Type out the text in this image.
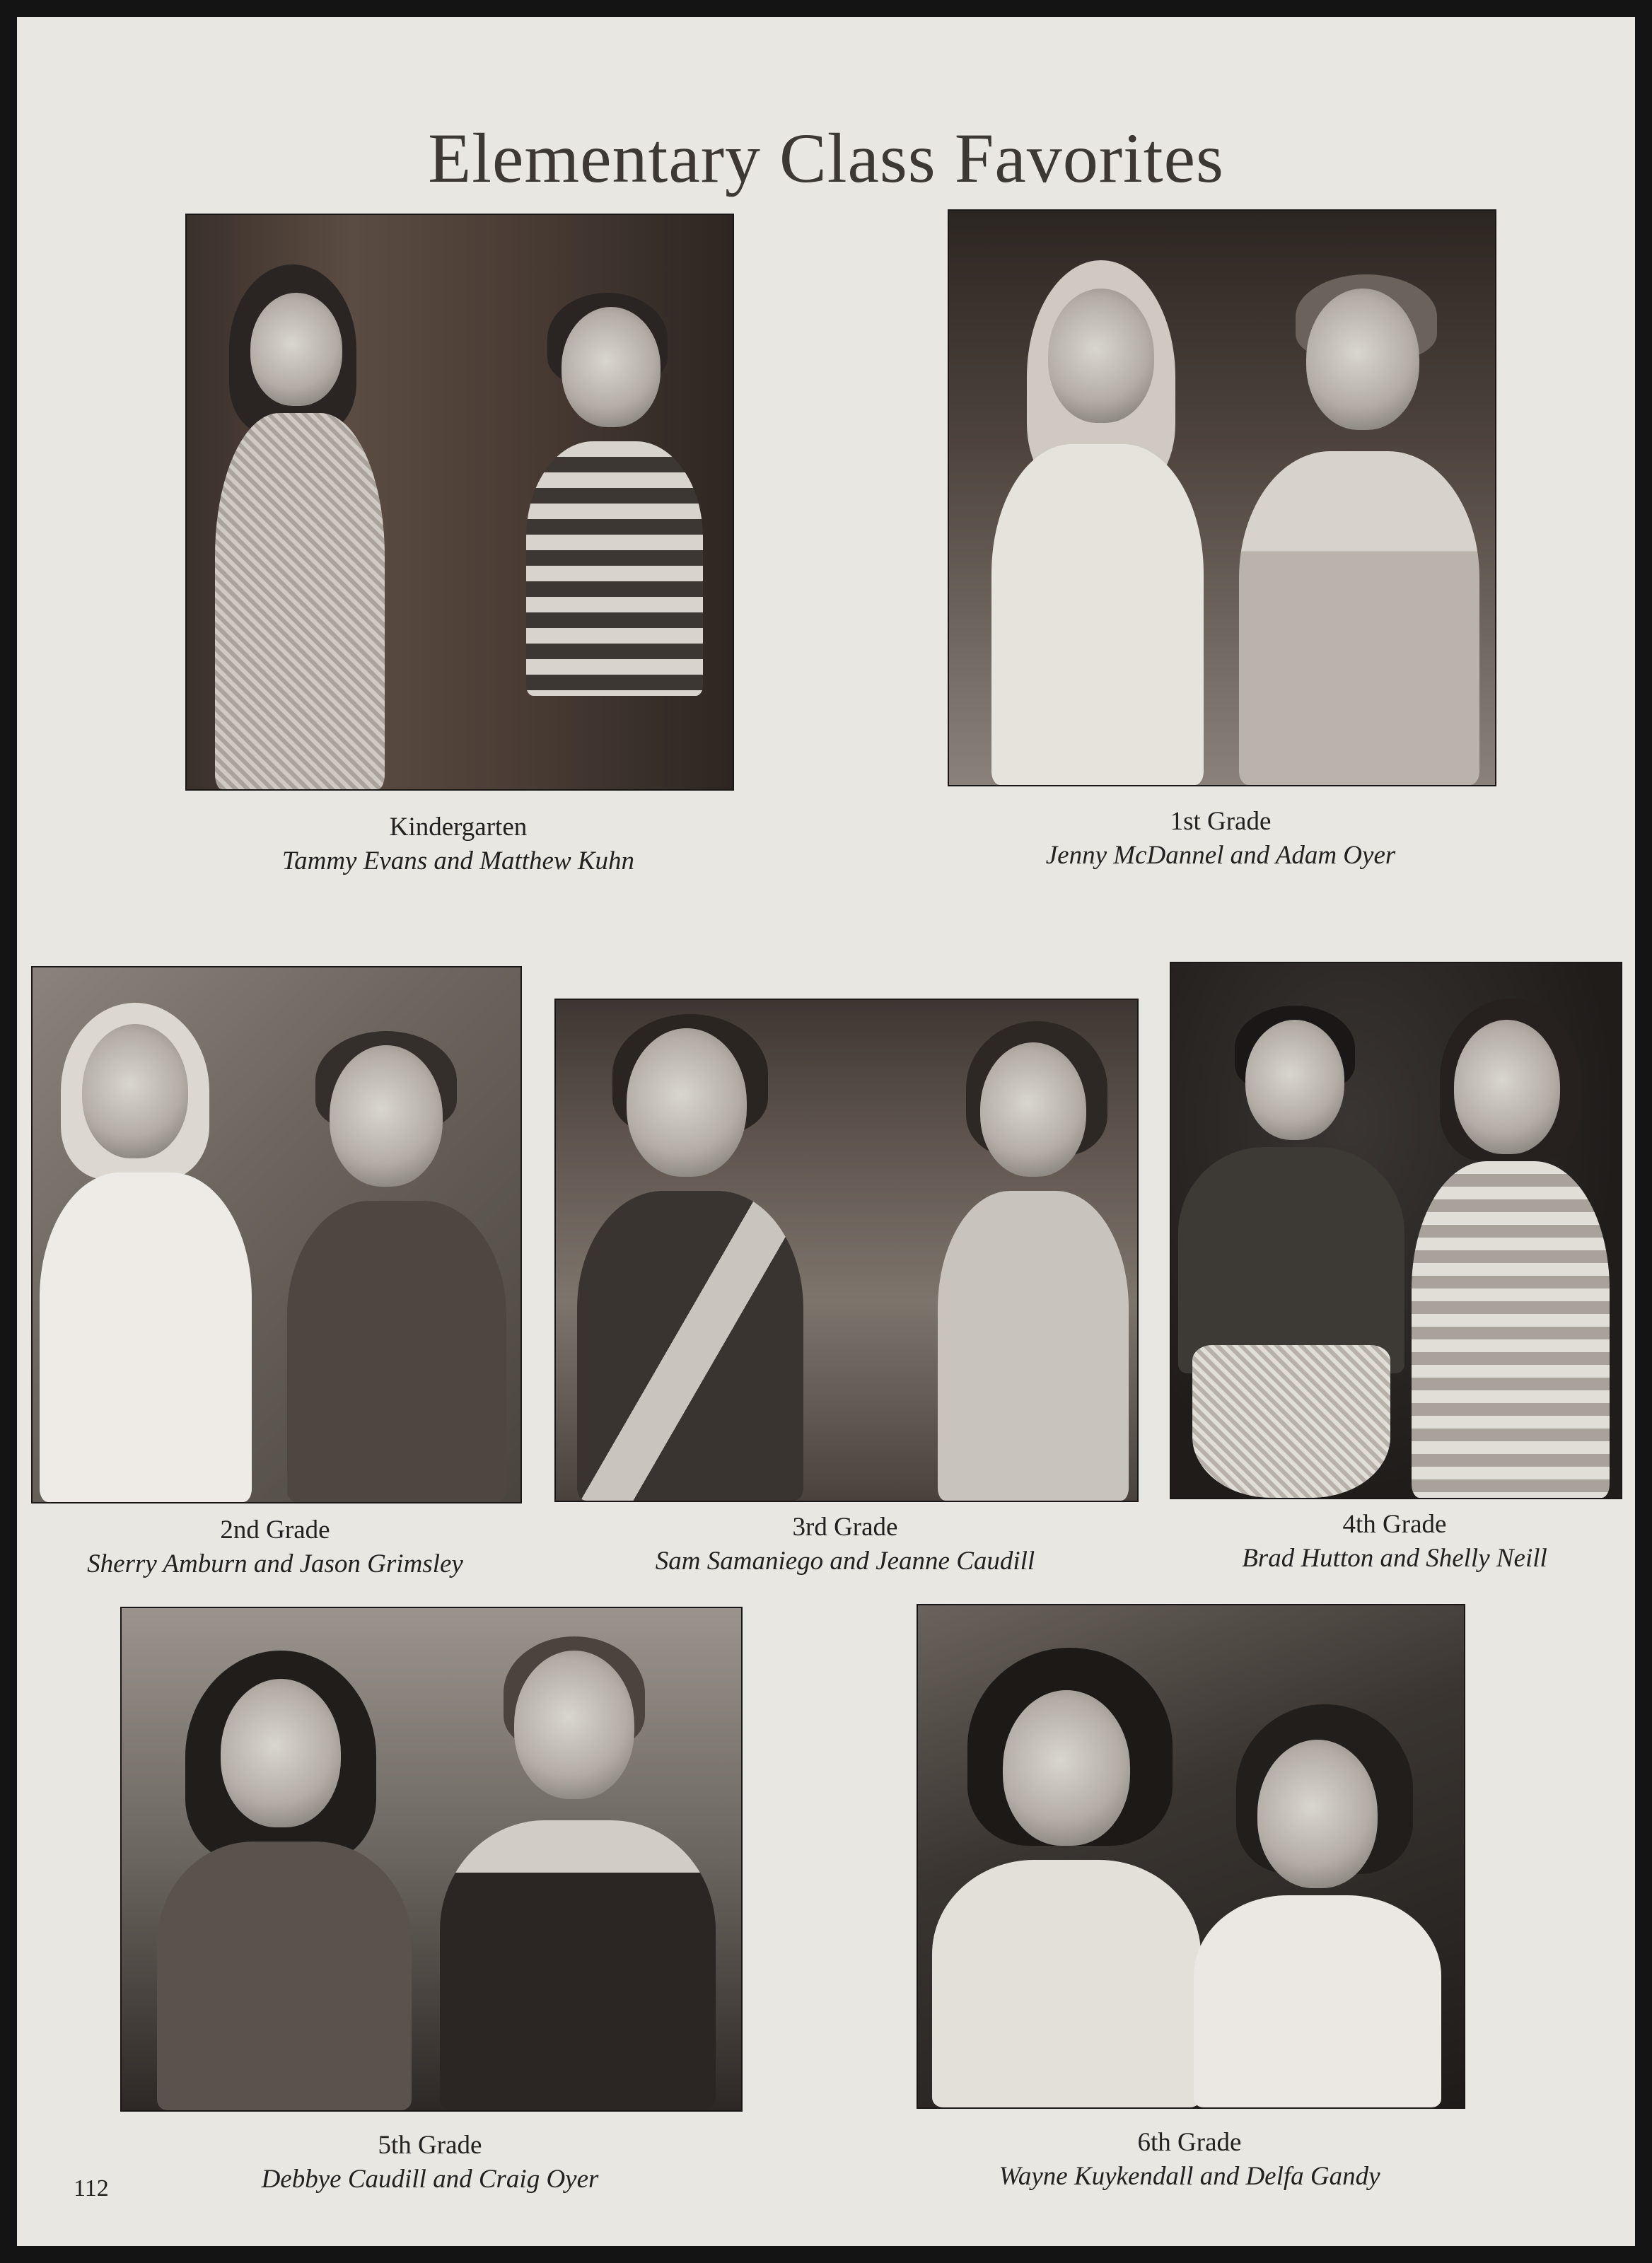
Elementary Class Favorites
Kindergarten
Tammy Evans and Matthew Kuhn
1st Grade
Jenny McDannel and Adam Oyer
2nd Grade
Sherry Amburn and Jason Grimsley
3rd Grade
Sam Samaniego and Jeanne Caudill
4th Grade
Brad Hutton and Shelly Neill
5th Grade
Debbye Caudill and Craig Oyer
6th Grade
Wayne Kuykendall and Delfa Gandy
112
